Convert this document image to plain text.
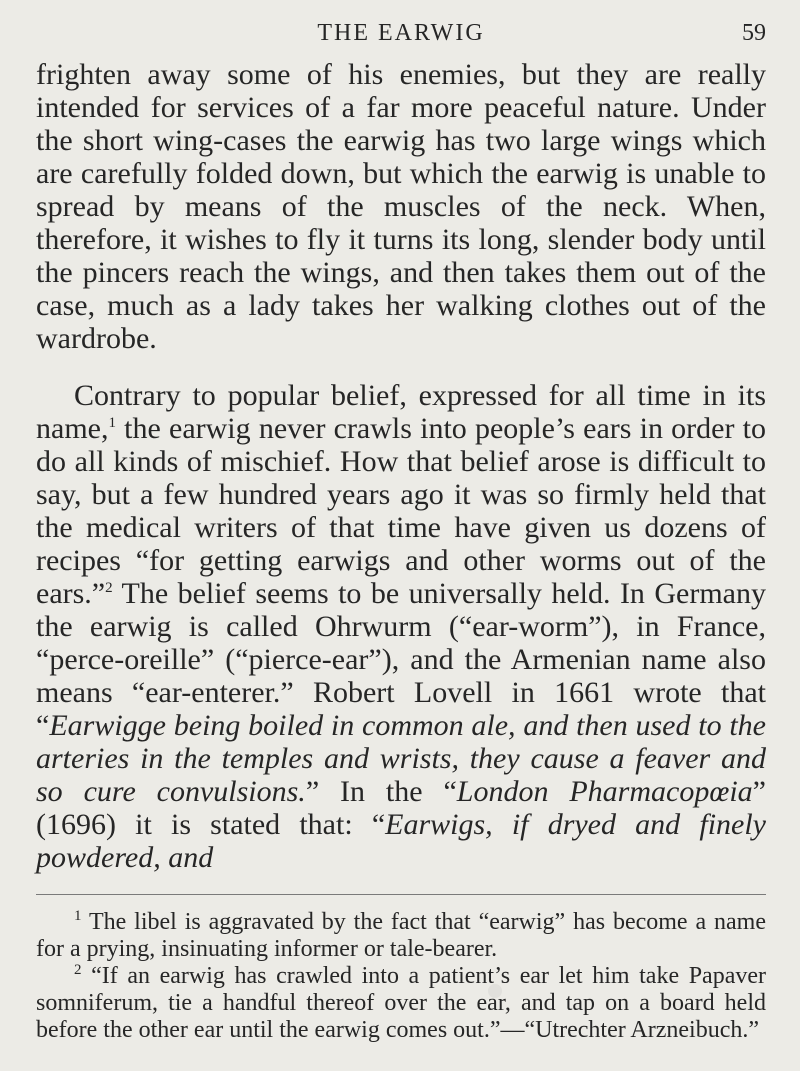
THE EARWIG	59

frighten away some of his enemies, but they are really intended for services of a far more peaceful nature. Under the short wing-cases the earwig has two large wings which are carefully folded down, but which the earwig is unable to spread by means of the muscles of the neck. When, therefore, it wishes to fly it turns its long, slender body until the pincers reach the wings, and then takes them out of the case, much as a lady takes her walking clothes out of the wardrobe.

Contrary to popular belief, expressed for all time in its name,$^1$ the earwig never crawls into people’s ears in order to do all kinds of mischief. How that belief arose is difficult to say, but a few hundred years ago it was so firmly held that the medical writers of that time have given us dozens of recipes “for getting earwigs and other worms out of the ears.”$^2$ The belief seems to be universally held. In Germany the earwig is called Ohrwurm (“ear-worm”), in France, “perce-oreille” (“pierce-ear”), and the Armenian name also means “ear-enterer.” Robert Lovell in 1661 wrote that “Earwigge being boiled in common ale, and then used to the arteries in the temples and wrists, they cause a feaver and so cure convulsions.” In the “London Pharmacopœia” (1696) it is stated that: “Earwigs, if dryed and finely powdered, and

$^1$ The libel is aggravated by the fact that “earwig” has become a name for a prying, insinuating informer or tale-bearer.

$^2$ “If an earwig has crawled into a patient’s ear let him take Papaver somniferum, tie a handful thereof over the ear, and tap on a board held before the other ear until the earwig comes out.”—“Utrechter Arzneibuch.”
